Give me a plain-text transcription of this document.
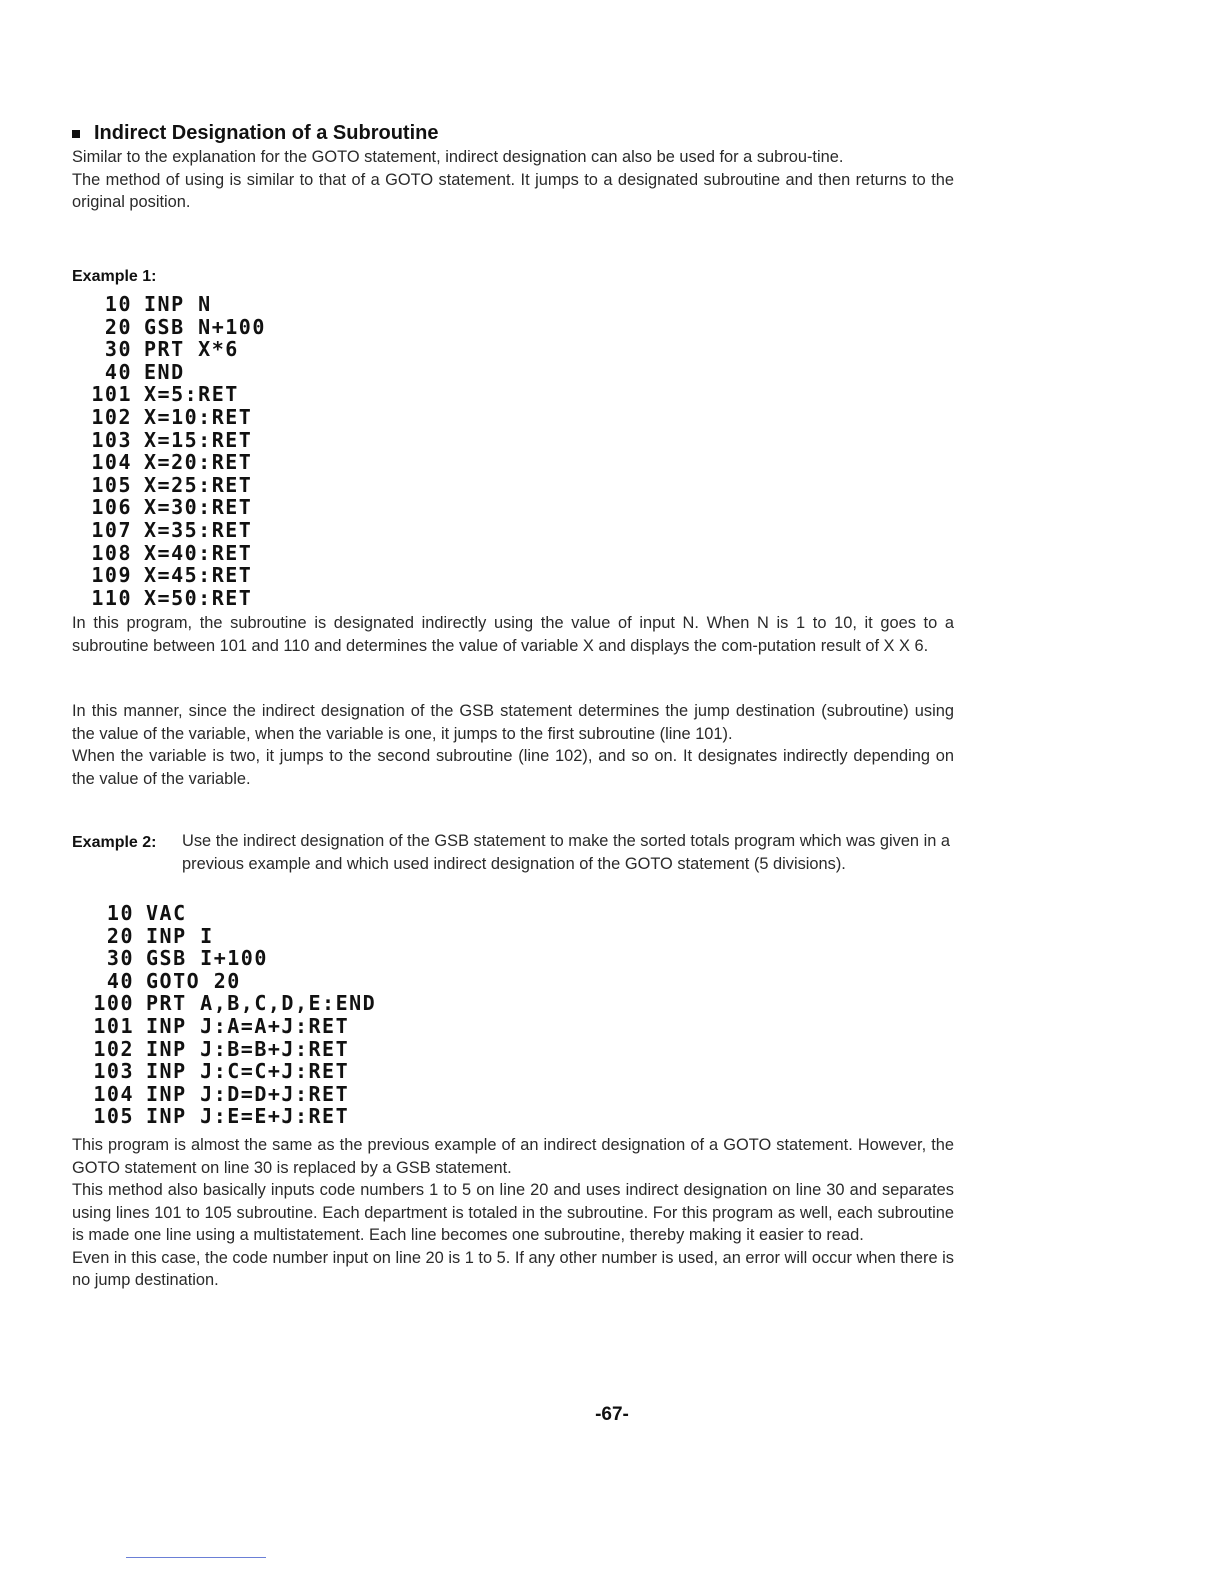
Indirect Designation of a Subroutine

Similar to the explanation for the GOTO statement, indirect designation can also be used for a subrou-tine.

The method of using is similar to that of a GOTO statement. It jumps to a designated subroutine and then returns to the original position.

Example 1:
10 INP N
20 GSB N+100
30 PRT X*6
40 END
101 X=5:RET
102 X=10:RET
103 X=15:RET
104 X=20:RET
105 X=25:RET
106 X=30:RET
107 X=35:RET
108 X=40:RET
109 X=45:RET
110 X=50:RET

In this program, the subroutine is designated indirectly using the value of input N. When N is 1 to 10, it goes to a subroutine between 101 and 110 and determines the value of variable X and displays the com-putation result of X X 6.

In this manner, since the indirect designation of the GSB statement determines the jump destination (subroutine) using the value of the variable, when the variable is one, it jumps to the first subroutine (line 101).

When the variable is two, it jumps to the second subroutine (line 102), and so on. It designates indirectly depending on the value of the variable.

Example 2: Use the indirect designation of the GSB statement to make the sorted totals program which was given in a previous example and which used indirect designation of the GOTO statement (5 divisions).
10 VAC
20 INP I
30 GSB I+100
40 GOTO 20
100 PRT A,B,C,D,E:END
101 INP J:A=A+J:RET
102 INP J:B=B+J:RET
103 INP J:C=C+J:RET
104 INP J:D=D+J:RET
105 INP J:E=E+J:RET

This program is almost the same as the previous example of an indirect designation of a GOTO statement. However, the GOTO statement on line 30 is replaced by a GSB statement.

This method also basically inputs code numbers 1 to 5 on line 20 and uses indirect designation on line 30 and separates using lines 101 to 105 subroutine. Each department is totaled in the subroutine. For this program as well, each subroutine is made one line using a multistatement. Each line becomes one subroutine, thereby making it easier to read.

Even in this case, the code number input on line 20 is 1 to 5. If any other number is used, an error will occur when there is no jump destination.

-67-
